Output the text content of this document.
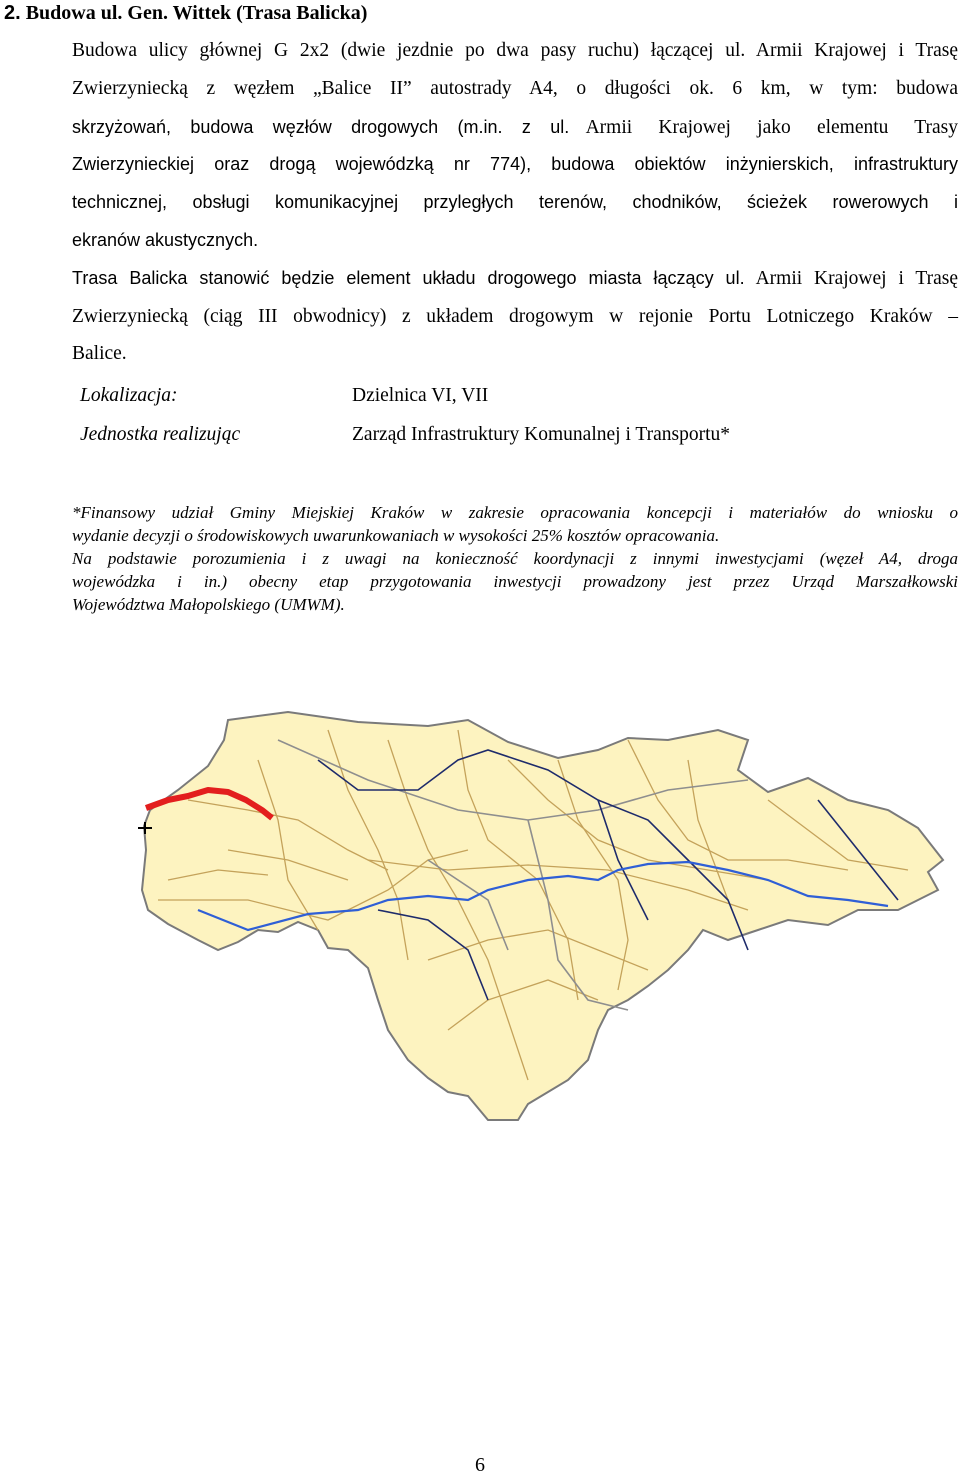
2. Budowa ul. Gen. Wittek (Trasa Balicka)
Budowa ulicy głównej G 2x2 (dwie jezdnie po dwa pasy ruchu) łączącej ul. Armii Krajowej i Trasę
Zwierzyniecką z węzłem „Balice II” autostrady A4, o długości ok. 6 km, w tym: budowa
skrzyżowań, budowa węzłów drogowych (m.in. z ul. Armii Krajowej jako elementu Trasy
Zwierzynieckiej oraz drogą wojewódzką nr 774), budowa obiektów inżynierskich, infrastruktury
technicznej, obsługi komunikacyjnej przyległych terenów, chodników, ścieżek rowerowych i
ekranów akustycznych.
Trasa Balicka stanowić będzie element układu drogowego miasta łączący ul. Armii Krajowej i Trasę
Zwierzyniecką (ciąg III obwodnicy) z układem drogowym w rejonie Portu Lotniczego Kraków –
Balice.
Lokalizacja:	Dzielnica VI, VII
Jednostka realizując	Zarząd Infrastruktury Komunalnej i Transportu*
*Finansowy udział Gminy Miejskiej Kraków w zakresie opracowania koncepcji i materiałów do wniosku o
wydanie decyzji o środowiskowych uwarunkowaniach w wysokości 25% kosztów opracowania.
Na podstawie porozumienia i z uwagi na konieczność koordynacji z innymi inwestycjami (węzeł A4, droga
wojewódzka i in.) obecny etap przygotowania inwestycji prowadzony jest przez Urząd Marszałkowski
Województwa Małopolskiego (UMWM).
6
